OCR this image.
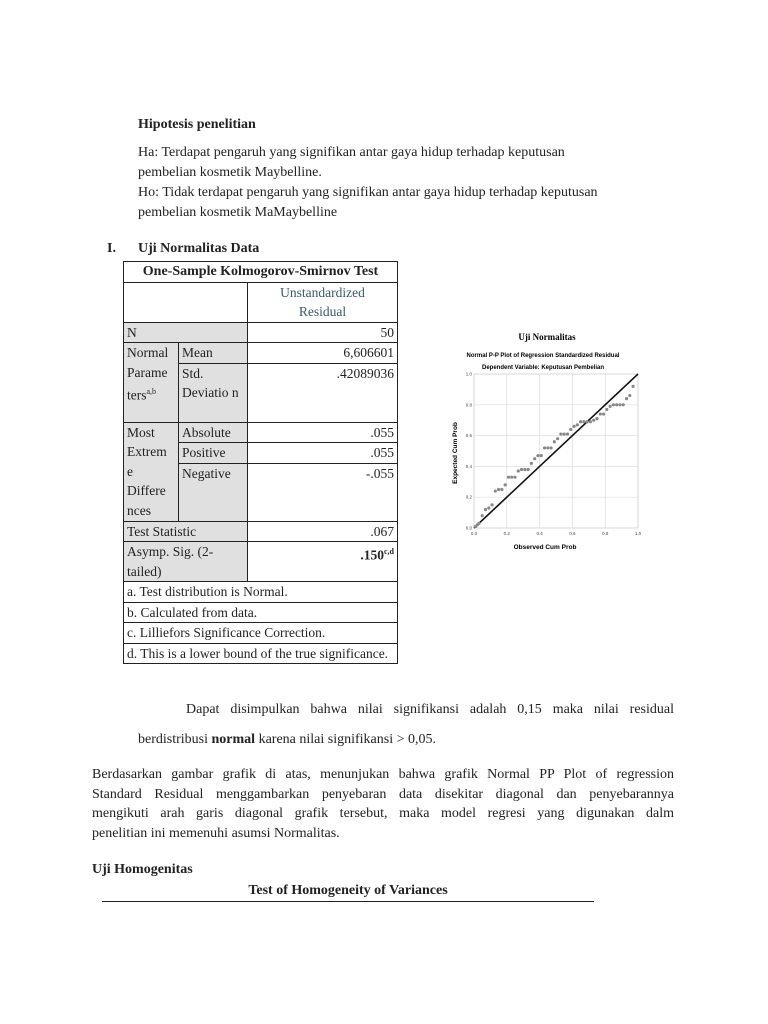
Hipotesis penelitian
Ha: Terdapat pengaruh yang signifikan antar gaya hidup terhadap keputusan
pembelian kosmetik Maybelline.
Ho: Tidak terdapat pengaruh yang signifikan antar gaya hidup terhadap keputusan
pembelian kosmetik MaMaybelline
I. Uji Normalitas Data
One-Sample Kolmogorov-Smirnov Test		

		Unstandardized
Residual

N		50
Normal Parame ters$^{a,b}$	Mean	6,606601
	Std. Deviatio n	.42089036
Most Extrem e Differe nces	Absolute	.055
	Positive	.055
	Negative	-.055
Test Statistic		.067
Asymp. Sig. (2-tailed)		.150$^{c,d}$
a. Test distribution is Normal.		
b. Calculated from data.		
c. Lilliefors Significance Correction.		
d. This is a lower bound of the true significance.		
Uji Normalitas
Normal P-P Plot of Regression Standardized Residual
Dependent Variable: Keputusan Pembelian
0.0	0.2	0.4	0.6	0.8	1.0
0.0
0.2
0.4
0.6
0.8
1.0
Observed Cum Prob
Expected Cum Prob
Dapat disimpulkan bahwa nilai signifikansi adalah 0,15 maka nilai residual
berdistribusi normal karena nilai signifikansi > 0,05.
Berdasarkan gambar grafik di atas, menunjukan bahwa grafik Normal PP Plot of regression
Standard Residual menggambarkan penyebaran data disekitar diagonal dan penyebarannya
mengikuti arah garis diagonal grafik tersebut, maka model regresi yang digunakan dalm
penelitian ini memenuhi asumsi Normalitas.
Uji Homogenitas
Test of Homogeneity of Variances
